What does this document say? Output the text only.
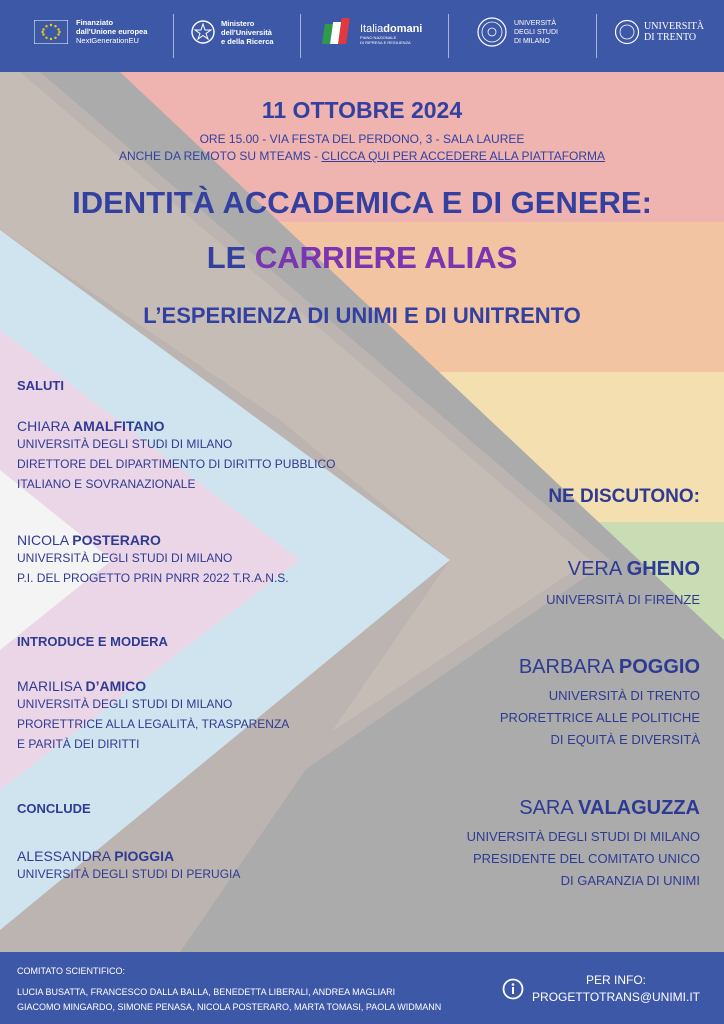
Finanziato
dall'Unione europea
NextGenerationEU
Ministero
dell'Università
e della Ricerca
Italiadomani
PIANO NAZIONALE
DI RIPRESA E RESILIENZA
UNIVERSITÀ
DEGLI STUDI
DI MILANO
UNIVERSITÀ
DI TRENTO
11 OTTOBRE 2024
ORE 15.00 - VIA FESTA DEL PERDONO, 3 - SALA LAUREE
ANCHE DA REMOTO SU MTEAMS - CLICCA QUI PER ACCEDERE ALLA PIATTAFORMA
IDENTITÀ ACCADEMICA E DI GENERE:
LE CARRIERE ALIAS
L’ESPERIENZA DI UNIMI E DI UNITRENTO
SALUTI
CHIARA AMALFITANO
UNIVERSITÀ DEGLI STUDI DI MILANO
DIRETTORE DEL DIPARTIMENTO DI DIRITTO PUBBLICO
ITALIANO E SOVRANAZIONALE
NICOLA POSTERARO
UNIVERSITÀ DEGLI STUDI DI MILANO
P.I. DEL PROGETTO PRIN PNRR 2022 T.R.A.N.S.
INTRODUCE E MODERA
MARILISA D’AMICO
UNIVERSITÀ DEGLI STUDI DI MILANO
PRORETTRICE ALLA LEGALITÀ, TRASPARENZA
E PARITÀ DEI DIRITTI
CONCLUDE
ALESSANDRA PIOGGIA
UNIVERSITÀ DEGLI STUDI DI PERUGIA
NE DISCUTONO:
VERA GHENO
UNIVERSITÀ DI FIRENZE
BARBARA POGGIO
UNIVERSITÀ DI TRENTO
PRORETTRICE ALLE POLITICHE
DI EQUITÀ E DIVERSITÀ
SARA VALAGUZZA
UNIVERSITÀ DEGLI STUDI DI MILANO
PRESIDENTE DEL COMITATO UNICO
DI GARANZIA DI UNIMI
COMITATO SCIENTIFICO:
LUCIA BUSATTA, FRANCESCO DALLA BALLA, BENEDETTA LIBERALI, ANDREA MAGLIARI
GIACOMO MINGARDO, SIMONE PENASA, NICOLA POSTERARO, MARTA TOMASI, PAOLA WIDMANN
PER INFO:
PROGETTOTRANS@UNIMI.IT
